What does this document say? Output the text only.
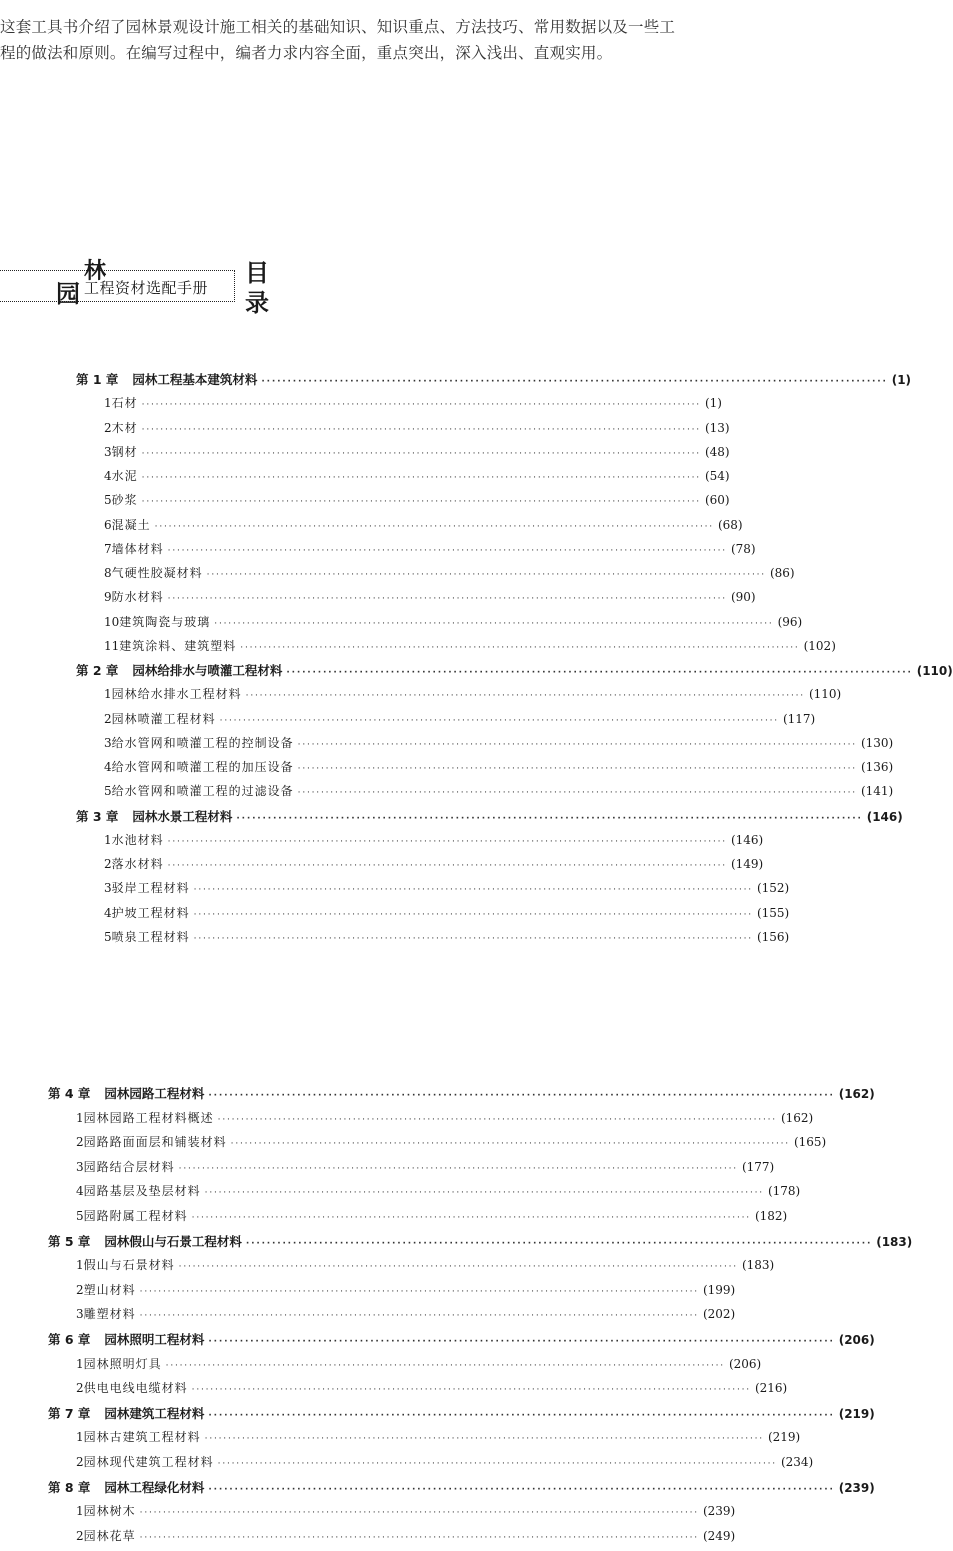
这套工具书介绍了园林景观设计施工相关的基础知识、知识重点、方法技巧、常用数据以及一些工

程的做法和原则。在编写过程中，编者力求内容全面，重点突出，深入浅出、直观实用。

园
林
工程资材选配手册
目
录
第 1 章 园林工程基本建筑材料 ························································································································ (1)
1 石材 ························································································································ (1)
2 木材 ························································································································ (13)
3 钢材 ························································································································ (48)
4 水泥 ························································································································ (54)
5 砂浆 ························································································································ (60)
6 混凝土 ························································································································ (68)
7 墙体材料 ························································································································ (78)
8 气硬性胶凝材料 ························································································································ (86)
9 防水材料 ························································································································ (90)
10 建筑陶瓷与玻璃 ························································································································ (96)
11 建筑涂料、建筑塑料 ························································································································ (102)
第 2 章 园林给排水与喷灌工程材料 ························································································································ (110)
1 园林给水排水工程材料 ························································································································ (110)
2 园林喷灌工程材料 ························································································································ (117)
3 给水管网和喷灌工程的控制设备 ························································································································ (130)
4 给水管网和喷灌工程的加压设备 ························································································································ (136)
5 给水管网和喷灌工程的过滤设备 ························································································································ (141)
第 3 章 园林水景工程材料 ························································································································ (146)
1 水池材料 ························································································································ (146)
2 落水材料 ························································································································ (149)
3 驳岸工程材料 ························································································································ (152)
4 护坡工程材料 ························································································································ (155)
5 喷泉工程材料 ························································································································ (156)
第 4 章 园林园路工程材料 ························································································································ (162)
1 园林园路工程材料概述 ························································································································ (162)
2 园路路面面层和铺装材料 ························································································································ (165)
3 园路结合层材料 ························································································································ (177)
4 园路基层及垫层材料 ························································································································ (178)
5 园路附属工程材料 ························································································································ (182)
第 5 章 园林假山与石景工程材料 ························································································································ (183)
1 假山与石景材料 ························································································································ (183)
2 塑山材料 ························································································································ (199)
3 雕塑材料 ························································································································ (202)
第 6 章 园林照明工程材料 ························································································································ (206)
1 园林照明灯具 ························································································································ (206)
2 供电电线电缆材料 ························································································································ (216)
第 7 章 园林建筑工程材料 ························································································································ (219)
1 园林古建筑工程材料 ························································································································ (219)
2 园林现代建筑工程材料 ························································································································ (234)
第 8 章 园林工程绿化材料 ························································································································ (239)
1 园林树木 ························································································································ (239)
2 园林花草 ························································································································ (249)
